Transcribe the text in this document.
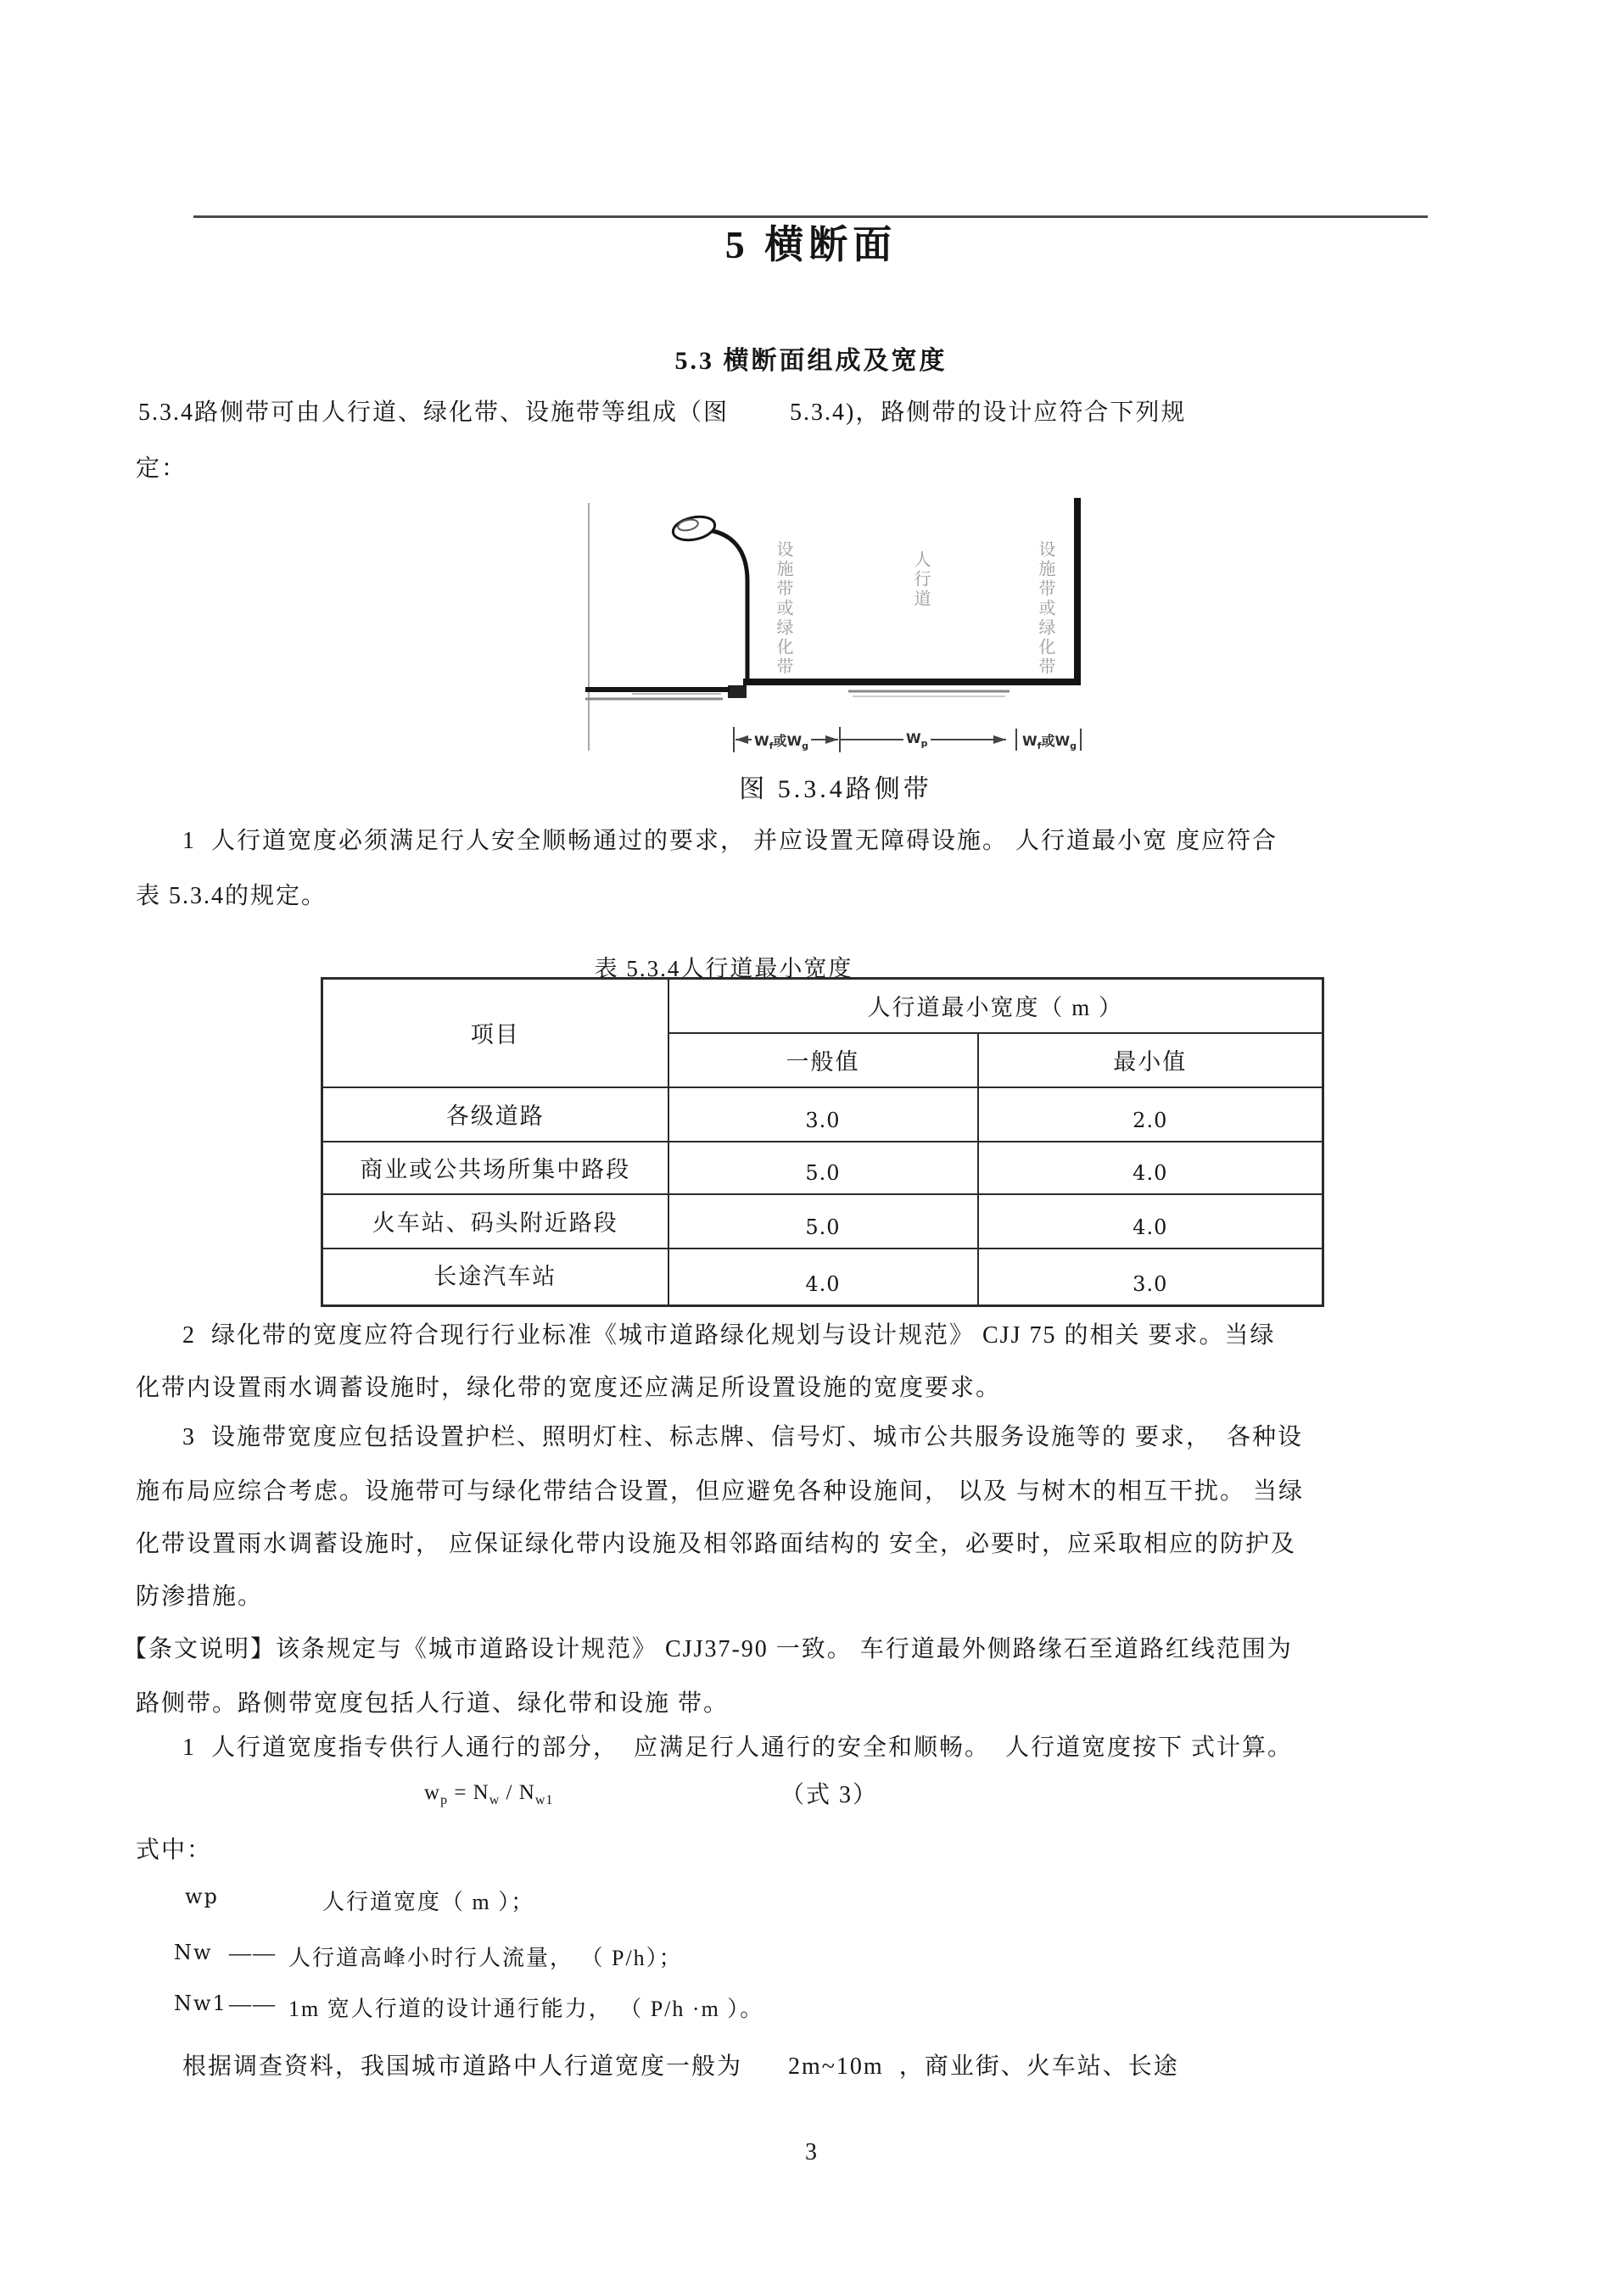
5 横断面
5.3 横断面组成及宽度
5.3.4路侧带可由人行道、绿化带、设施带等组成（图        5.3.4)，路侧带的设计应符合下列规
定：
设施带或绿化带	人行道	设施带或绿化带
$W_f$或$W_g$	$W_p$	$W_f$或$W_g$
图 5.3.4路侧带
1  人行道宽度必须满足行人安全顺畅通过的要求， 并应设置无障碍设施。 人行道最小宽 度应符合
表 5.3.4的规定。
表 5.3.4人行道最小宽度
项目	人行道最小宽度（ m ）	
	一般值	最小值
各级道路	3.0	2.0
商业或公共场所集中路段	5.0	4.0
火车站、码头附近路段	5.0	4.0
长途汽车站	4.0	3.0
2  绿化带的宽度应符合现行行业标准《城市道路绿化规划与设计规范》 CJJ 75 的相关 要求。当绿
化带内设置雨水调蓄设施时，绿化带的宽度还应满足所设置设施的宽度要求。
3  设施带宽度应包括设置护栏、照明灯柱、标志牌、信号灯、城市公共服务设施等的 要求，  各种设
施布局应综合考虑。设施带可与绿化带结合设置，但应避免各种设施间， 以及 与树木的相互干扰。 当绿
化带设置雨水调蓄设施时， 应保证绿化带内设施及相邻路面结构的 安全，必要时，应采取相应的防护及
防渗措施。
【条文说明】该条规定与《城市道路设计规范》 CJJ37-90 一致。 车行道最外侧路缘石至道路红线范围为
路侧带。路侧带宽度包括人行道、绿化带和设施 带。
1  人行道宽度指专供行人通行的部分，  应满足行人通行的安全和顺畅。  人行道宽度按下 式计算。
$w_p = N_w / N_{w1}$	（式 3）
式中：
wp	人行道宽度（ m ）；
Nw —— 人行道高峰小时行人流量， （ P/h）；
Nw1 —— 1m 宽人行道的设计通行能力， （ P/h ·m ）。
根据调查资料，我国城市道路中人行道宽度一般为      2m~10m  ，商业街、火车站、长途
3
